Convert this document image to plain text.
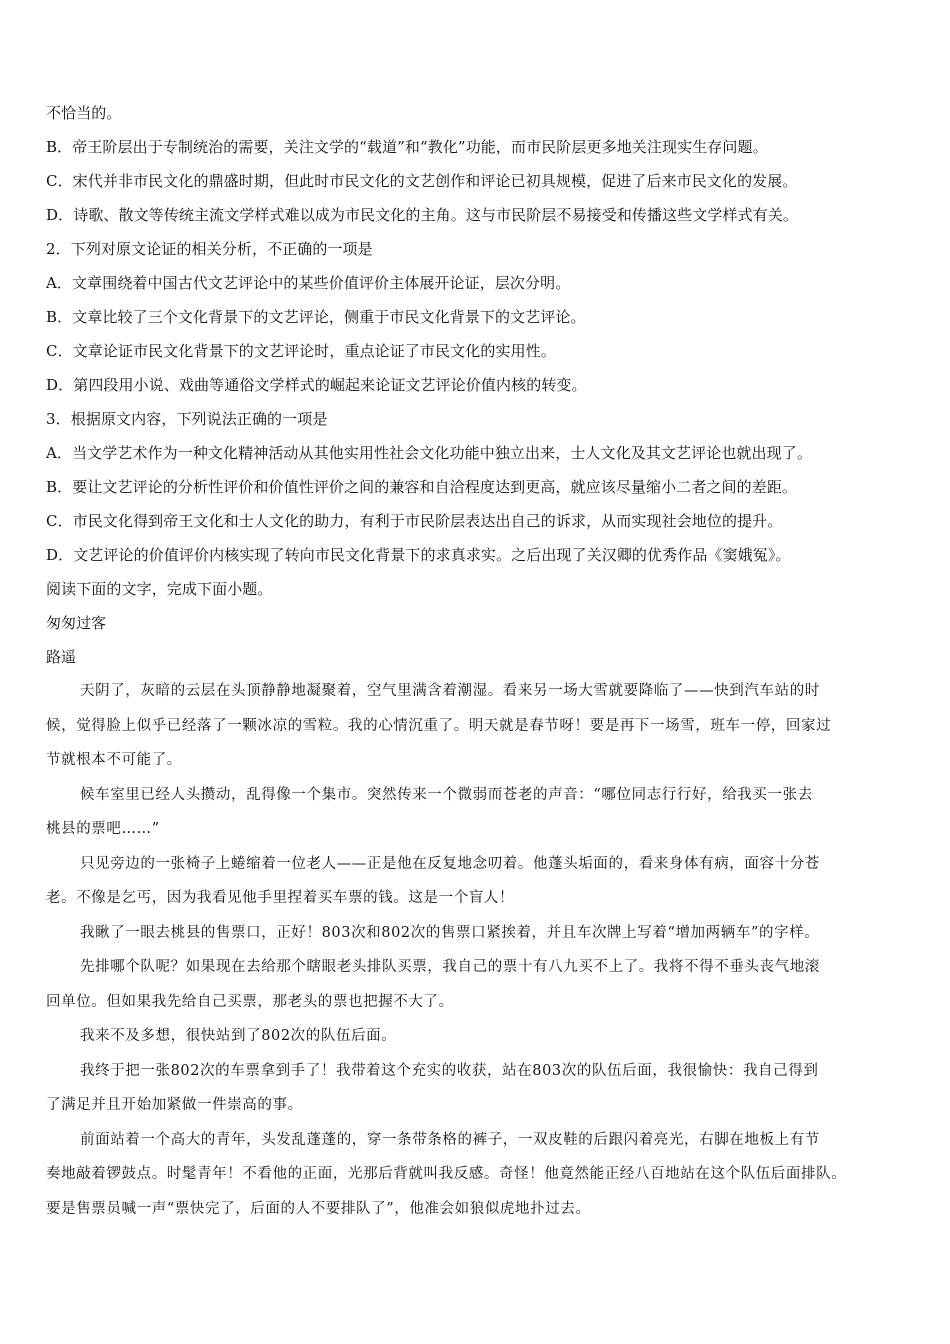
不恰当的。
B．帝王阶层出于专制统治的需要，关注文学的“载道”和“教化”功能，而市民阶层更多地关注现实生存问题。
C．宋代并非市民文化的鼎盛时期，但此时市民文化的文艺创作和评论已初具规模，促进了后来市民文化的发展。
D．诗歌、散文等传统主流文学样式难以成为市民文化的主角。这与市民阶层不易接受和传播这些文学样式有关。
2．下列对原文论证的相关分析，不正确的一项是
A．文章围绕着中国古代文艺评论中的某些价值评价主体展开论证，层次分明。
B．文章比较了三个文化背景下的文艺评论，侧重于市民文化背景下的文艺评论。
C．文章论证市民文化背景下的文艺评论时，重点论证了市民文化的实用性。
D．第四段用小说、戏曲等通俗文学样式的崛起来论证文艺评论价值内核的转变。
3．根据原文内容，下列说法正确的一项是
A．当文学艺术作为一种文化精神活动从其他实用性社会文化功能中独立出来，士人文化及其文艺评论也就出现了。
B．要让文艺评论的分析性评价和价值性评价之间的兼容和自洽程度达到更高，就应该尽量缩小二者之间的差距。
C．市民文化得到帝王文化和士人文化的助力，有利于市民阶层表达出自己的诉求，从而实现社会地位的提升。
D．文艺评论的价值评价内核实现了转向市民文化背景下的求真求实。之后出现了关汉卿的优秀作品《窦娥冤》。
阅读下面的文字，完成下面小题。
匆匆过客
路遥
天阴了，灰暗的云层在头顶静静地凝聚着，空气里满含着潮湿。看来另一场大雪就要降临了——快到汽车站的时
候，觉得脸上似乎已经落了一颗冰凉的雪粒。我的心情沉重了。明天就是春节呀！要是再下一场雪，班车一停，回家过
节就根本不可能了。
候车室里已经人头攒动，乱得像一个集市。突然传来一个微弱而苍老的声音：“哪位同志行行好，给我买一张去
桃县的票吧……”
只见旁边的一张椅子上蜷缩着一位老人——正是他在反复地念叨着。他蓬头垢面的，看来身体有病，面容十分苍
老。不像是乞丐，因为我看见他手里捏着买车票的钱。这是一个盲人！
我瞅了一眼去桃县的售票口，正好！803次和802次的售票口紧挨着，并且车次牌上写着“增加两辆车”的字样。
先排哪个队呢？如果现在去给那个瞎眼老头排队买票，我自己的票十有八九买不上了。我将不得不垂头丧气地滚
回单位。但如果我先给自己买票，那老头的票也把握不大了。
我来不及多想，很快站到了802次的队伍后面。
我终于把一张802次的车票拿到手了！我带着这个充实的收获，站在803次的队伍后面，我很愉快：我自己得到
了满足并且开始加紧做一件崇高的事。
前面站着一个高大的青年，头发乱蓬蓬的，穿一条带条格的裤子，一双皮鞋的后跟闪着亮光，右脚在地板上有节
奏地敲着锣鼓点。时髦青年！不看他的正面，光那后背就叫我反感。奇怪！他竟然能正经八百地站在这个队伍后面排队。
要是售票员喊一声“票快完了，后面的人不要排队了”，他准会如狼似虎地扑过去。
